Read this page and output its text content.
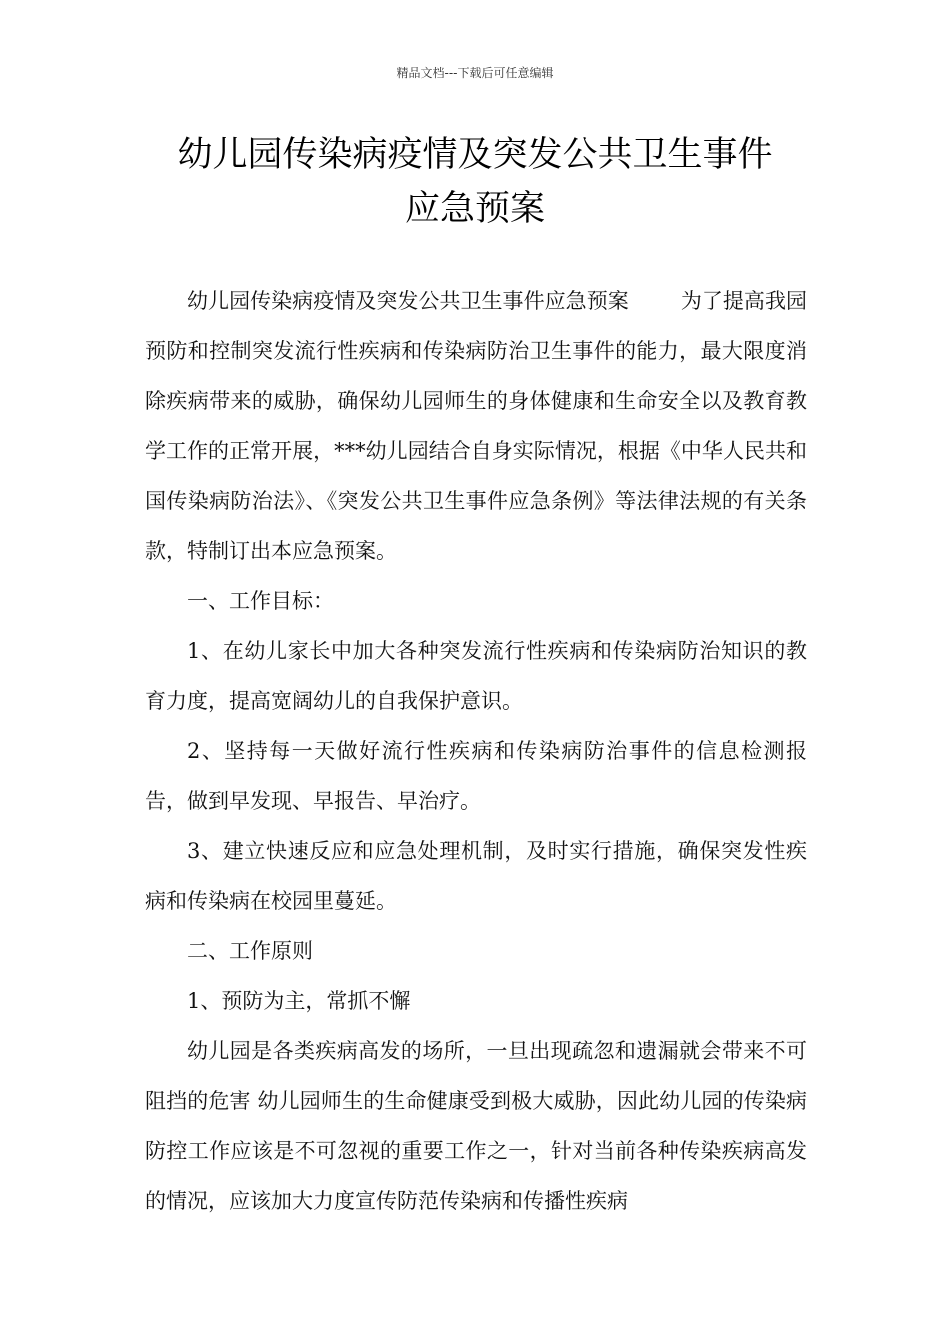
精品文档---下载后可任意编辑
幼儿园传染病疫情及突发公共卫生事件
应急预案

幼儿园传染病疫情及突发公共卫生事件应急预案 为了提高我园预防和控制突发流行性疾病和传染病防治卫生事件的能力，最大限度消除疾病带来的威胁，确保幼儿园师生的身体健康和生命安全以及教育教学工作的正常开展，***幼儿园结合自身实际情况，根据《中华人民共和国传染病防治法》、《突发公共卫生事件应急条例》等法律法规的有关条款，特制订出本应急预案。

一、工作目标：

1、在幼儿家长中加大各种突发流行性疾病和传染病防治知识的教育力度，提高宽阔幼儿的自我保护意识。

2、坚持每一天做好流行性疾病和传染病防治事件的信息检测报告，做到早发现、早报告、早治疗。

3、建立快速反应和应急处理机制，及时实行措施，确保突发性疾病和传染病在校园里蔓延。

二、工作原则

1、预防为主，常抓不懈

幼儿园是各类疾病高发的场所，一旦出现疏忽和遗漏就会带来不可阻挡的危害 幼儿园师生的生命健康受到极大威胁，因此幼儿园的传染病防控工作应该是不可忽视的重要工作之一，针对当前各种传染疾病高发的情况，应该加大力度宣传防范传染病和传播性疾病
